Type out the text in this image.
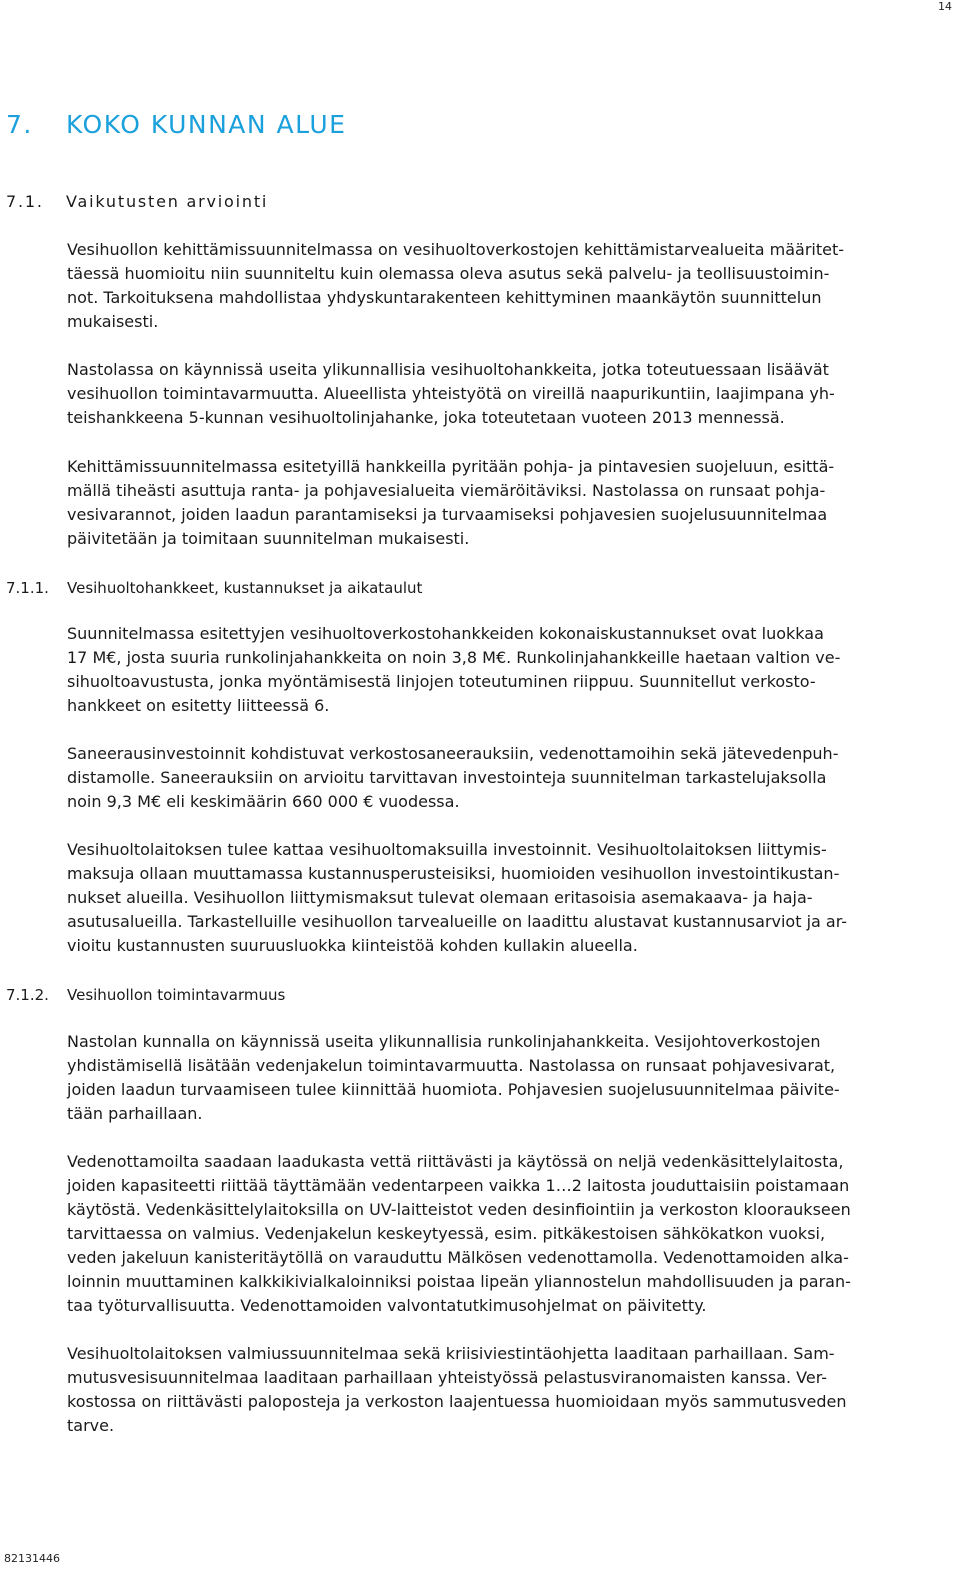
14
7. KOKO KUNNAN ALUE
7.1. Vaikutusten arviointi

Vesihuollon kehittämissuunnitelmassa on vesihuoltoverkostojen kehittämistarvealueita määritet-
täessä huomioitu niin suunniteltu kuin olemassa oleva asutus sekä palvelu- ja teollisuustoimin-
not. Tarkoituksena mahdollistaa yhdyskuntarakenteen kehittyminen maankäytön suunnittelun
mukaisesti.

Nastolassa on käynnissä useita ylikunnallisia vesihuoltohankkeita, jotka toteutuessaan lisäävät
vesihuollon toimintavarmuutta. Alueellista yhteistyötä on vireillä naapurikuntiin, laajimpana yh-
teishankkeena 5-kunnan vesihuoltolinjahanke, joka toteutetaan vuoteen 2013 mennessä.

Kehittämissuunnitelmassa esitetyillä hankkeilla pyritään pohja- ja pintavesien suojeluun, esittä-
mällä tiheästi asuttuja ranta- ja pohjavesialueita viemäröitäviksi. Nastolassa on runsaat pohja-
vesivarannot, joiden laadun parantamiseksi ja turvaamiseksi pohjavesien suojelusuunnitelmaa
päivitetään ja toimitaan suunnitelman mukaisesti.

7.1.1. Vesihuoltohankkeet, kustannukset ja aikataulut

Suunnitelmassa esitettyjen vesihuoltoverkostohankkeiden kokonaiskustannukset ovat luokkaa
17 M€, josta suuria runkolinjahankkeita on noin 3,8 M€. Runkolinjahankkeille haetaan valtion ve-
sihuoltoavustusta, jonka myöntämisestä linjojen toteutuminen riippuu. Suunnitellut verkosto-
hankkeet on esitetty liitteessä 6.

Saneerausinvestoinnit kohdistuvat verkostosaneerauksiin, vedenottamoihin sekä jätevedenpuh-
distamolle. Saneerauksiin on arvioitu tarvittavan investointeja suunnitelman tarkastelujaksolla
noin 9,3 M€ eli keskimäärin 660 000 € vuodessa.

Vesihuoltolaitoksen tulee kattaa vesihuoltomaksuilla investoinnit. Vesihuoltolaitoksen liittymis-
maksuja ollaan muuttamassa kustannusperusteisiksi, huomioiden vesihuollon investointikustan-
nukset alueilla. Vesihuollon liittymismaksut tulevat olemaan eritasoisia asemakaava- ja haja-
asutusalueilla. Tarkastelluille vesihuollon tarvealueille on laadittu alustavat kustannusarviot ja ar-
vioitu kustannusten suuruusluokka kiinteistöä kohden kullakin alueella.

7.1.2. Vesihuollon toimintavarmuus

Nastolan kunnalla on käynnissä useita ylikunnallisia runkolinjahankkeita. Vesijohtoverkostojen
yhdistämisellä lisätään vedenjakelun toimintavarmuutta. Nastolassa on runsaat pohjavesivarat,
joiden laadun turvaamiseen tulee kiinnittää huomiota. Pohjavesien suojelusuunnitelmaa päivite-
tään parhaillaan.

Vedenottamoilta saadaan laadukasta vettä riittävästi ja käytössä on neljä vedenkäsittelylaitosta,
joiden kapasiteetti riittää täyttämään vedentarpeen vaikka 1…2 laitosta jouduttaisiin poistamaan
käytöstä. Vedenkäsittelylaitoksilla on UV-laitteistot veden desinfiointiin ja verkoston klooraukseen
tarvittaessa on valmius. Vedenjakelun keskeytyessä, esim. pitkäkestoisen sähkökatkon vuoksi,
veden jakeluun kanisteritäytöllä on varauduttu Mälkösen vedenottamolla. Vedenottamoiden alka-
loinnin muuttaminen kalkkikivialkaloinniksi poistaa lipeän yliannostelun mahdollisuuden ja paran-
taa työturvallisuutta. Vedenottamoiden valvontatutkimusohjelmat on päivitetty.

Vesihuoltolaitoksen valmiussuunnitelmaa sekä kriisiviestintäohjetta laaditaan parhaillaan. Sam-
mutusvesisuunnitelmaa laaditaan parhaillaan yhteistyössä pelastusviranomaisten kanssa. Ver-
kostossa on riittävästi paloposteja ja verkoston laajentuessa huomioidaan myös sammutusveden
tarve.

82131446
